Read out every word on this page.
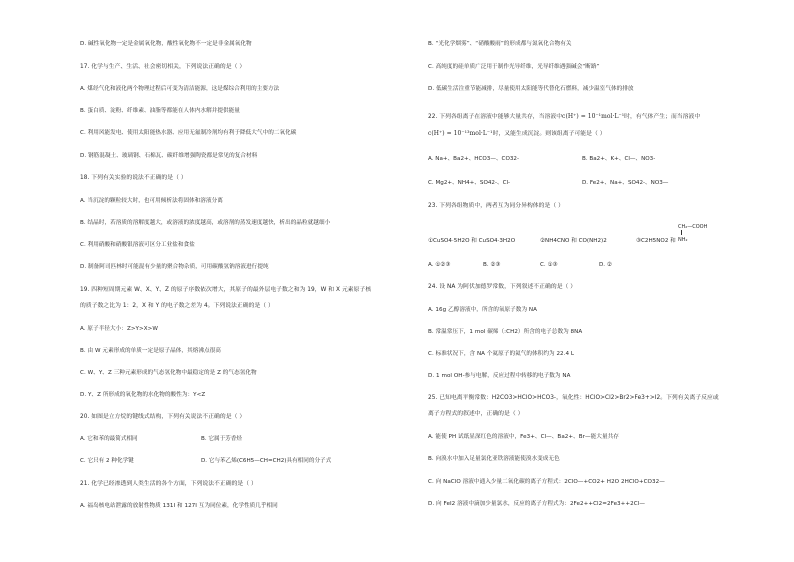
D. 碱性氧化物一定是金属氧化物，酸性氧化物不一定是非金属氧化物
17. 化学与生产、生活、社会密切相关，下列说法正确的是（ ）
A. 煤经气化和液化两个物理过程后可变为清洁能源，这是煤综合利用的主要方法
B. 蛋白质、淀粉、纤维素、油脂等都能在人体内水解并提供能量
C. 利用风能发电、使用太阳能热水器、应用无氟制冷剂均有利于降低大气中的二氧化碳
D. 钢筋混凝土、玻璃钢、石棉瓦、碳纤维增强陶瓷都是常见的复合材料
18. 下列有关实验的说法不正确的是（ ）
A. 当沉淀的颗粒较大时，也可用倾析法将固体和溶液分离
B. 结晶时，若溶质的溶解度越大，或溶液的浓度越高，或溶剂的蒸发速度越快，析出的晶粒就越细小
C. 利用硝酸和硝酸银溶液可区分工业盐和食盐
D. 制备阿司匹林时可能混有少量的聚合物杂质，可用碳酸氢钠溶液进行提纯
19. 四种短周期元素 W、X、Y、Z 的原子序数依次增大，其原子的最外层电子数之和为 19，W 和 X 元素原子核
的质子数之比为 1：2，X 和 Y 的电子数之差为 4。下列说法正确的是（ ）
A. 原子半径大小：Z>Y>X>W
B. 由 W 元素形成的单质一定是原子晶体，其熔沸点很高
C. W、Y、Z 三种元素形成的气态氢化物中最稳定的是 Z 的气态氢化物
D. Y、Z 所形成的氧化物的水化物的酸性为：Y<Z
20. 如图是立方烷的键线式结构，下列有关说法不正确的是（ ）
A. 它和苯的最简式相同	B. 它属于芳香烃
C. 它只有 2 种化学键	D. 它与苯乙烯(C6H5—CH=CH2)具有相同的分子式
21. 化学已经渗透到人类生活的各个方面，下列说法不正确的是（ ）
A. 福岛核电站泄露的放射性物质 131I 和 127I 互为同位素，化学性质几乎相同
B. “光化学烟雾”、“硝酸酸雨”的形成都与氮氧化合物有关
C. 高纯度的硅单质广泛用于制作光导纤维，光导纤维遇强碱会“断路”
D. 低碳生活注重节能减排，尽量使用太阳能等代替化石燃料，减少温室气体的排放
22. 下列各组离子在溶液中能够大量共存，当溶液中c(H⁺) = 10⁻¹mol·L⁻¹时，有气体产生；而当溶液中
c(H⁺) = 10⁻¹³mol·L⁻¹时，又能生成沉淀。则该组离子可能是（ ）
A. Na+、Ba2+、HCO3—、CO32-	B. Ba2+、K+、Cl—、NO3-
C. Mg2+、NH4+、SO42-、Cl-	D. Fe2+、Na+、SO42-、NO3—
23. 下列各组物质中，两者互为同分异构体的是（ ）
CH₂—COOH
NH₂
①CuSO4·5H2O 和 CuSO4·3H2O	②NH4CNO 和 CO(NH2)2	③C2H5NO2 和
A. ①②③	B. ②③	C. ①③	D. ②
24. 设 NA 为阿伏加德罗常数，下列叙述不正确的是（ ）
A. 16g 乙醇溶液中，所含的氧原子数为 NA
B. 常温常压下，1 mol 碳烯（:CH2）所含的电子总数为 8NA
C. 标准状况下，含 NA 个氦原子的氦气的体积约为 22.4 L
D. 1 mol OH-参与电解，反应过程中转移的电子数为 NA
25. 已知电离平衡常数：H2CO3>HClO>HCO3-，氧化性：HClO>Cl2>Br2>Fe3+>I2。下列有关离子反应或
离子方程式的叙述中，正确的是（ ）
A. 能使 PH 试纸显深红色的溶液中，Fe3+、Cl—、Ba2+、Br—能大量共存
B. 向溴水中加入足量氯化亚铁溶液能使溴水变成无色
C. 向 NaClO 溶液中通入少量二氧化碳的离子方程式：2ClO—+CO2+ H2O 2HClO+CO32—
D. 向 FeI2 溶液中滴加少量氯水，反应的离子方程式为：2Fe2++Cl2=2Fe3++2Cl—
